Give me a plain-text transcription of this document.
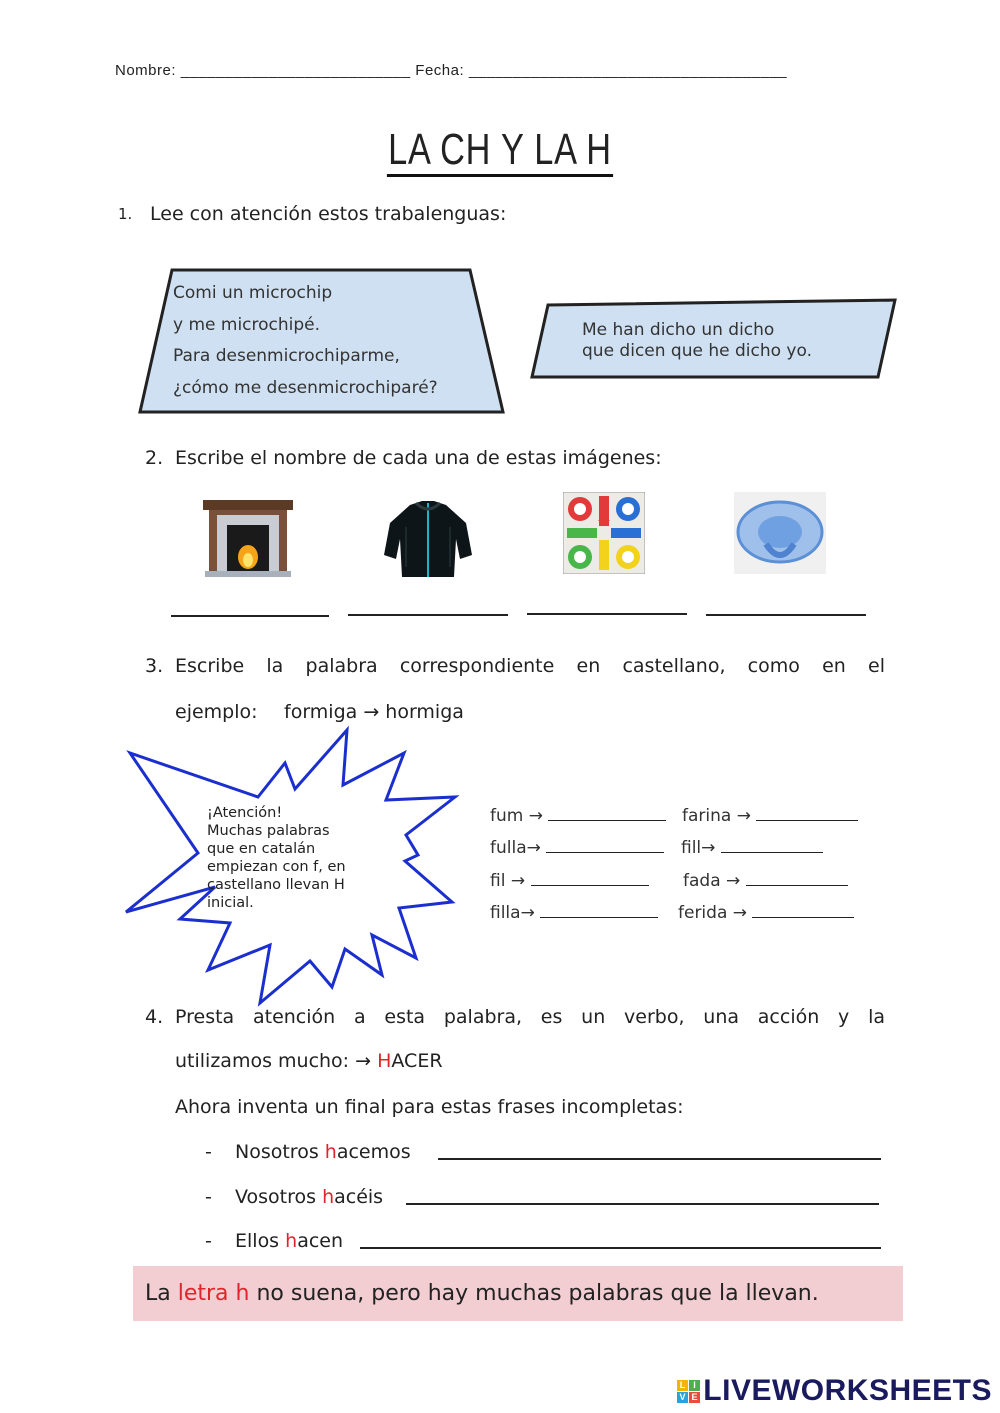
Nombre: __________________________ Fecha: ____________________________________
LA CH Y LA H
1. Lee con atención estos trabalenguas:
Comi un microchip
y me microchipé.
Para desenmicrochiparme,
¿cómo me desenmicrochiparé?
Me han dicho un dicho
que dicen que he dicho yo.
2. Escribe el nombre de cada una de estas imágenes:
3. Escribe la palabra correspondiente en castellano, como en el
ejemplo: formiga → hormiga
¡Atención!
Muchas palabras
que en catalán
empiezan con f, en
castellano llevan H
inicial.
fum →	farina →
fulla→	fill→
fil →	fada →
filla→	ferida →
4. Presta atención a esta palabra, es un verbo, una acción y la
utilizamos mucho: → HACER
Ahora inventa un final para estas frases incompletas:
- Nosotros hacemos
- Vosotros hacéis
- Ellos hacen
La letra h no suena, pero hay muchas palabras que la llevan.
L I
V E LIVEWORKSHEETS
